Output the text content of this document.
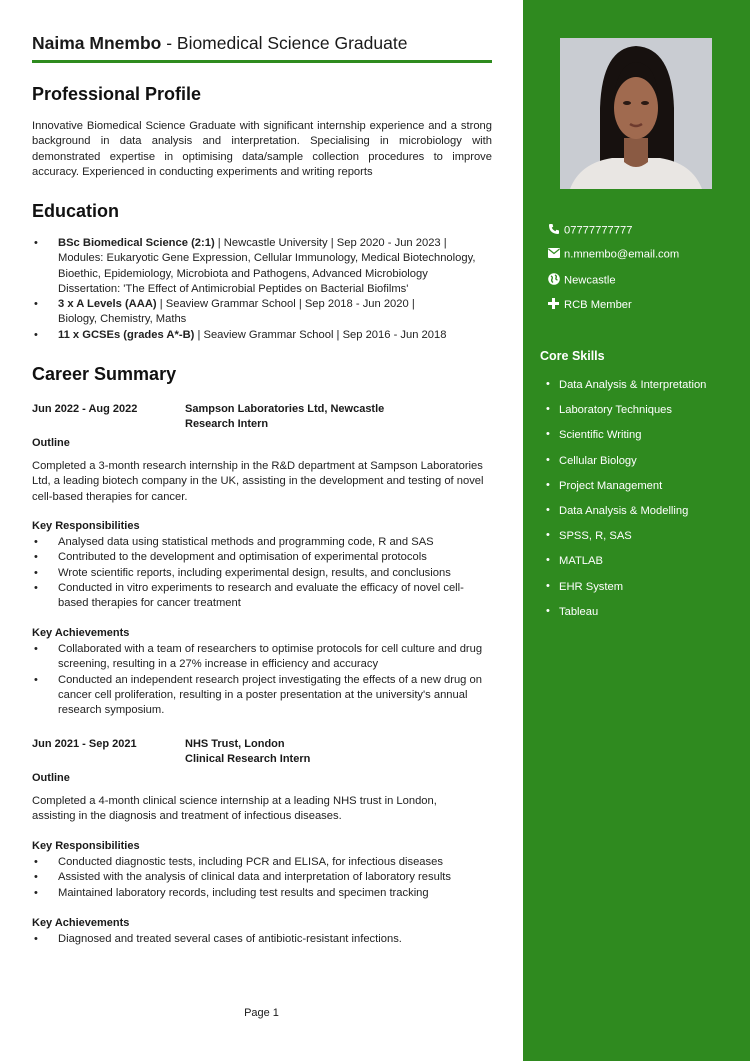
Naima Mnembo - Biomedical Science Graduate
Professional Profile
Innovative Biomedical Science Graduate with significant internship experience and a strong background in data analysis and interpretation. Specialising in microbiology with demonstrated expertise in optimising data/sample collection procedures to improve accuracy. Experienced in conducting experiments and writing reports
Education
• BSc Biomedical Science (2:1) | Newcastle University | Sep 2020 - Jun 2023 |
Modules: Eukaryotic Gene Expression, Cellular Immunology, Medical Biotechnology, Bioethic, Epidemiology, Microbiota and Pathogens, Advanced Microbiology
Dissertation: 'The Effect of Antimicrobial Peptides on Bacterial Biofilms'
• 3 x A Levels (AAA) | Seaview Grammar School | Sep 2018 - Jun 2020 |
Biology, Chemistry, Maths
• 11 x GCSEs (grades A*-B) | Seaview Grammar School | Sep 2016 - Jun 2018
Career Summary
Jun 2022 - Aug 2022	Sampson Laboratories Ltd, Newcastle
Research Intern
Outline
Completed a 3-month research internship in the R&D department at Sampson Laboratories Ltd, a leading biotech company in the UK, assisting in the development and testing of novel cell-based therapies for cancer.
Key Responsibilities
• Analysed data using statistical methods and programming code, R and SAS
• Contributed to the development and optimisation of experimental protocols
• Wrote scientific reports, including experimental design, results, and conclusions
• Conducted in vitro experiments to research and evaluate the efficacy of novel cell-based therapies for cancer treatment
Key Achievements
• Collaborated with a team of researchers to optimise protocols for cell culture and drug screening, resulting in a 27% increase in efficiency and accuracy
• Conducted an independent research project investigating the effects of a new drug on cancer cell proliferation, resulting in a poster presentation at the university's annual research symposium.
Jun 2021 - Sep 2021	NHS Trust, London
Clinical Research Intern
Outline
Completed a 4-month clinical science internship at a leading NHS trust in London, assisting in the diagnosis and treatment of infectious diseases.
Key Responsibilities
• Conducted diagnostic tests, including PCR and ELISA, for infectious diseases
• Assisted with the analysis of clinical data and interpretation of laboratory results
• Maintained laboratory records, including test results and specimen tracking
Key Achievements
• Diagnosed and treated several cases of antibiotic-resistant infections.
Page 1
07777777777
n.mnembo@email.com
Newcastle
RCB Member
Core Skills
• Data Analysis & Interpretation
• Laboratory Techniques
• Scientific Writing
• Cellular Biology
• Project Management
• Data Analysis & Modelling
• SPSS, R, SAS
• MATLAB
• EHR System
• Tableau
